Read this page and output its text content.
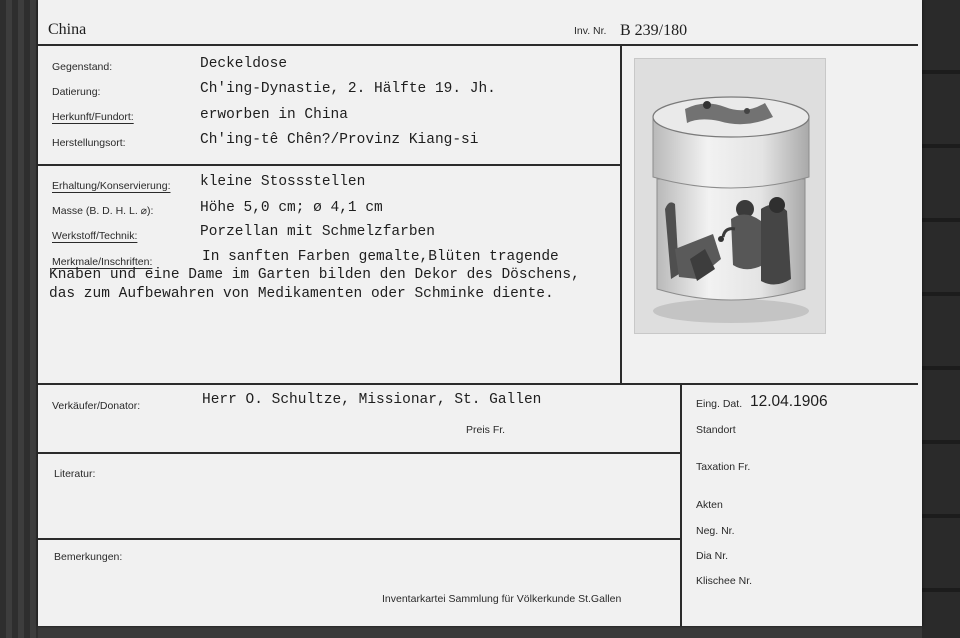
China	Inv. Nr. B 239/180
Gegenstand:	Deckeldose
Datierung:	Ch'ing-Dynastie, 2. Hälfte 19. Jh.
Herkunft/Fundort:	erworben in China
Herstellungsort:	Ch'ing-tê Chên?/Provinz Kiang-si
Erhaltung/Konservierung: kleine Stossstellen
Masse (B. D. H. L. ⌀):	Höhe 5,0 cm; ø 4,1 cm
Werkstoff/Technik:	Porzellan mit Schmelzfarben
Merkmale/Inschriften:	In sanften Farben gemalte,Blüten tragende
Knaben und eine Dame im Garten bilden den Dekor des Döschens,
das zum Aufbewahren von Medikamenten oder Schminke diente.
Verkäufer/Donator:	Herr O. Schultze, Missionar, St. Gallen
Preis Fr.
Literatur:
Bemerkungen:
Inventarkartei Sammlung für Völkerkunde St.Gallen
Eing. Dat. 12.04.1906
Standort
Taxation Fr.
Akten
Neg. Nr.
Dia Nr.
Klischee Nr.
